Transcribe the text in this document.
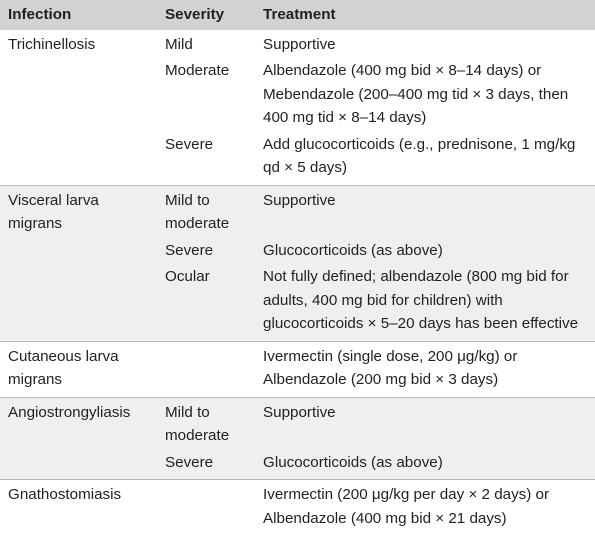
Infection	Severity	Treatment
Trichinellosis	Mild	Supportive

	Moderate	Albendazole (400 mg bid × 8–14 days) or
Mebendazole (200–400 mg tid × 3 days, then 400 mg tid × 8–14 days)

	Severe	Add glucocorticoids (e.g., prednisone, 1 mg/kg qd × 5 days)

Visceral larva migrans	Mild to moderate	Supportive

	Severe	Glucocorticoids (as above)

	Ocular	Not fully defined; albendazole (800 mg bid for adults, 400 mg bid for children) with glucocorticoids × 5–20 days has been effective

Cutaneous larva migrans		Ivermectin (single dose, 200 μg/kg) or
Albendazole (200 mg bid × 3 days)

Angiostrongyliasis	Mild to moderate	Supportive

	Severe	Glucocorticoids (as above)

Gnathostomiasis		Ivermectin (200 μg/kg per day × 2 days) or
Albendazole (400 mg bid × 21 days)
